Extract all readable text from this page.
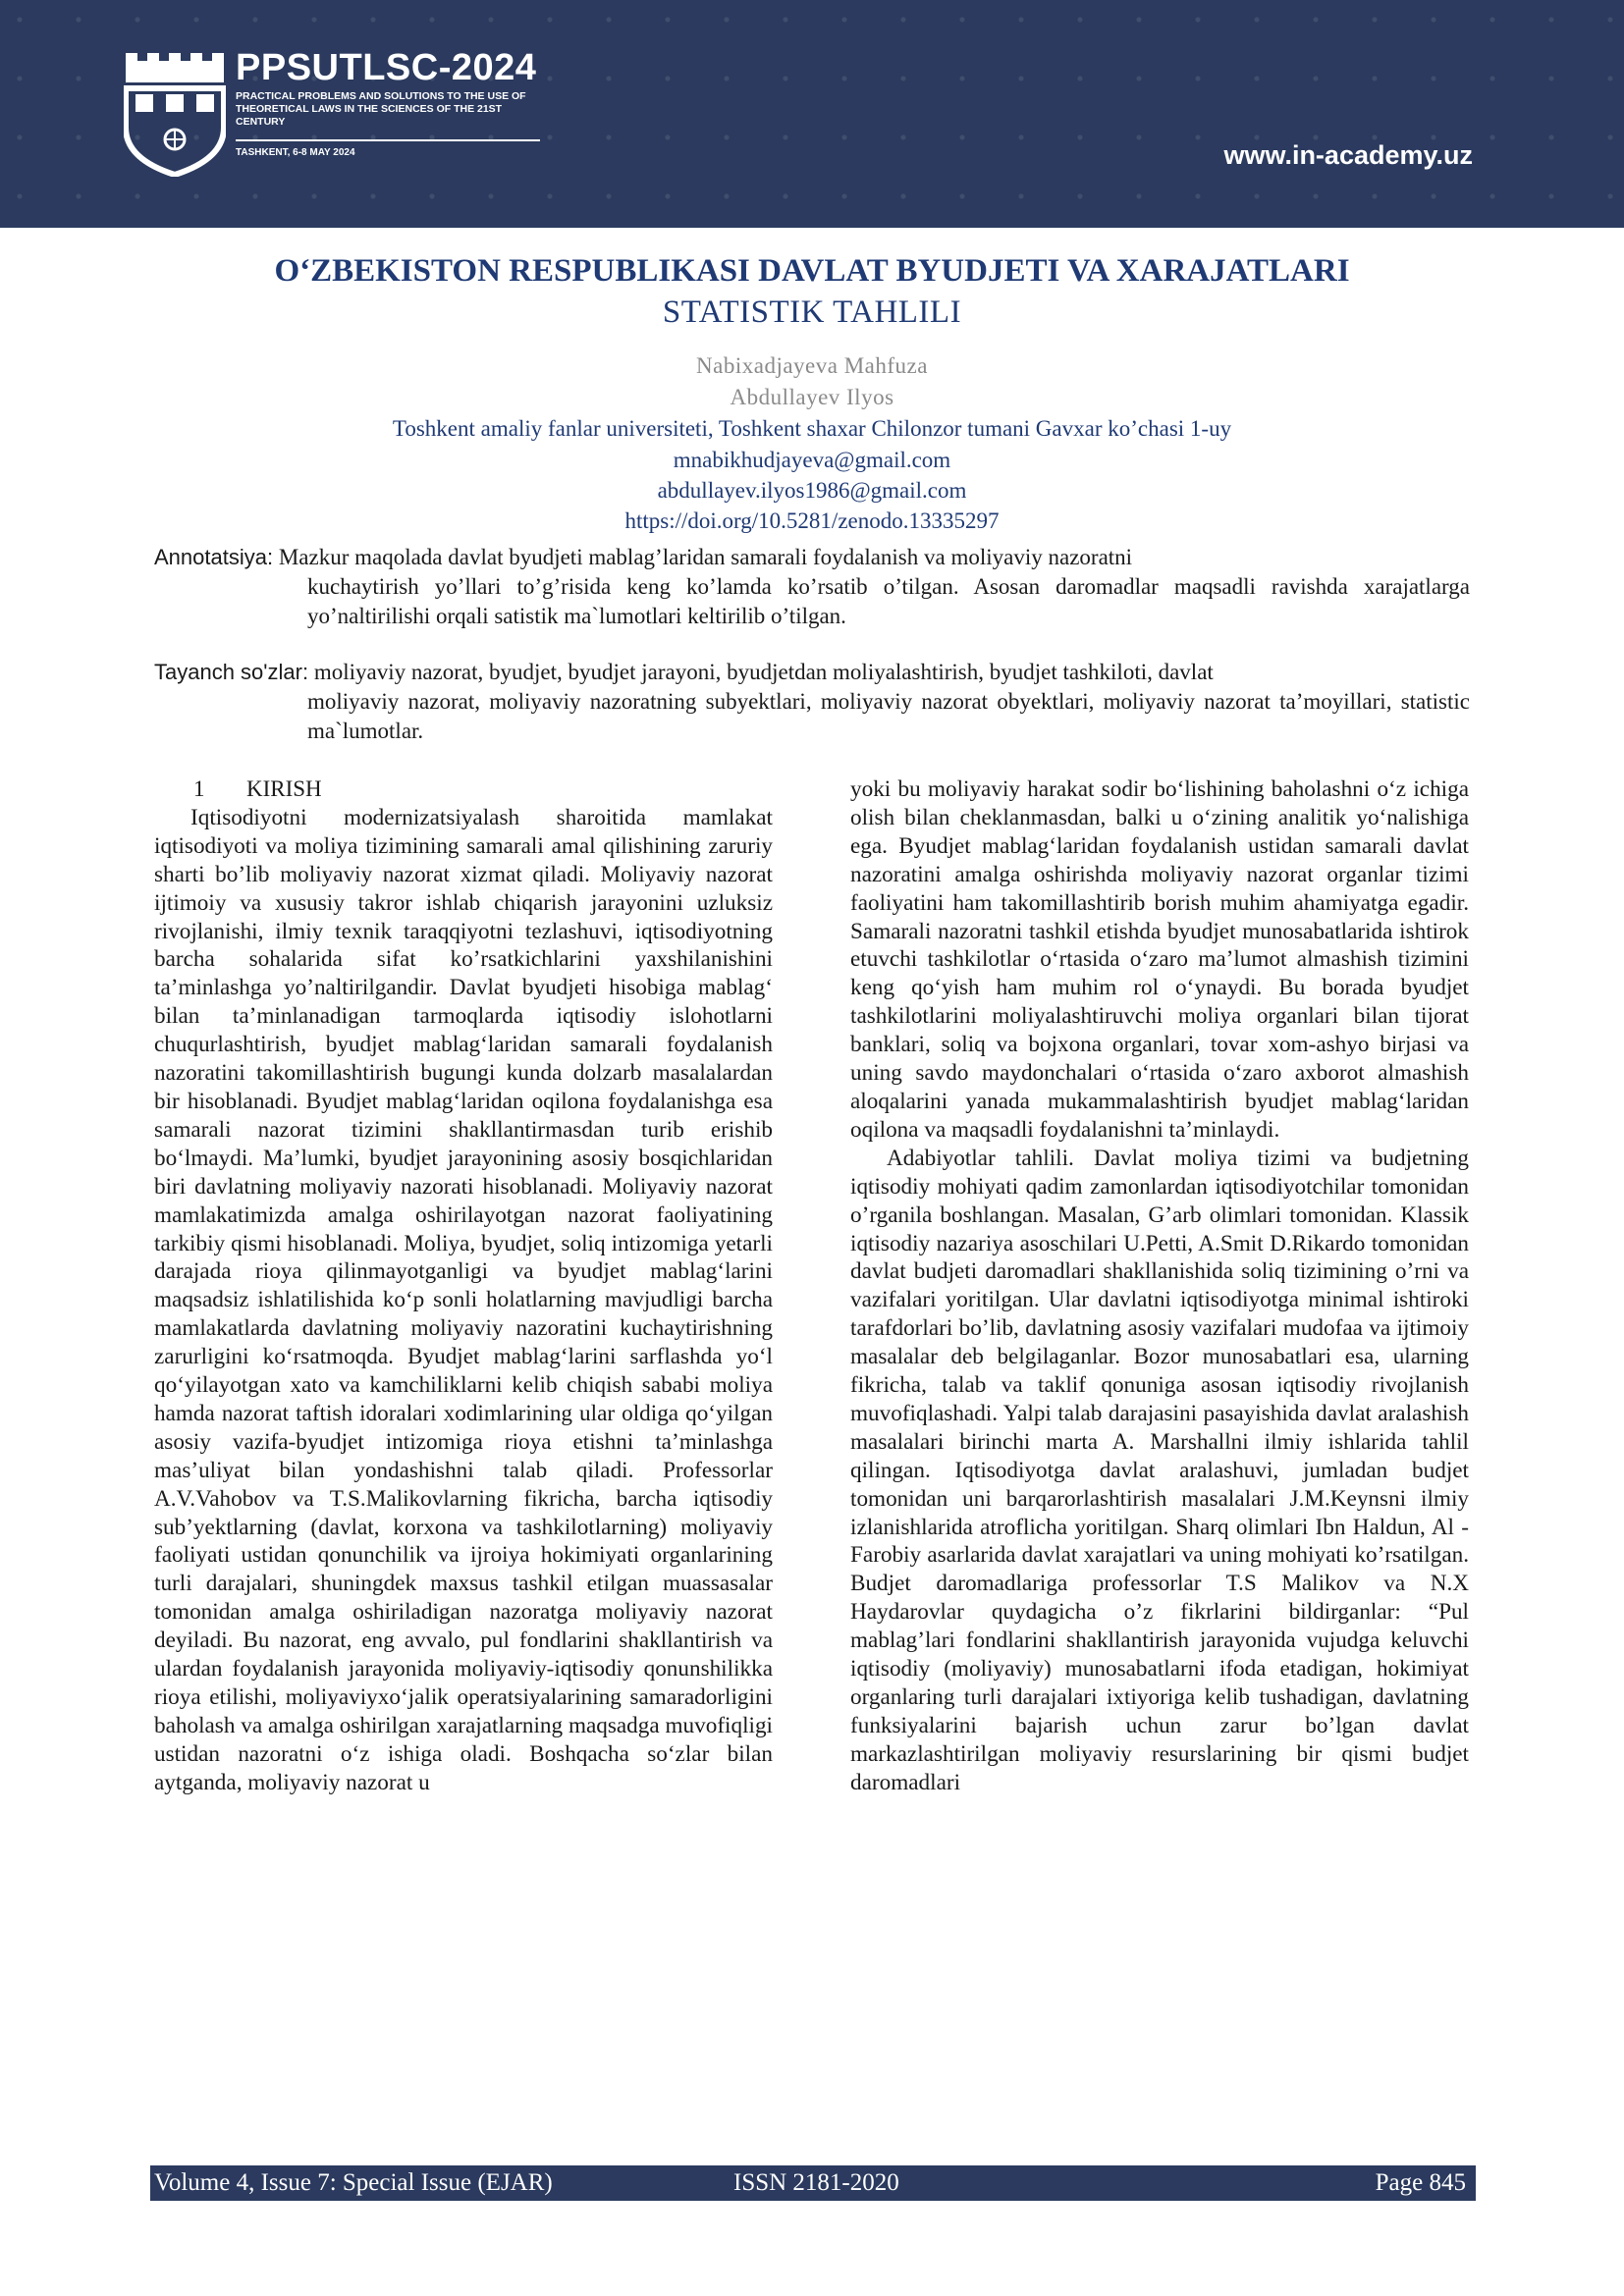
PPSUTLSC-2024
PRACTICAL PROBLEMS AND SOLUTIONS TO THE USE OF THEORETICAL LAWS IN THE SCIENCES OF THE 21ST CENTURY
TASHKENT, 6-8 MAY 2024	www.in-academy.uz
O‘ZBEKISTON RESPUBLIKASI DAVLAT BYUDJETI VA XARAJATLARI
STATISTIK TAHLILI
Nabixadjayeva Mahfuza
Abdullayev Ilyos
Toshkent amaliy fanlar universiteti, Toshkent shaxar Chilonzor tumani Gavxar ko’chasi 1-uy
mnabikhudjayeva@gmail.com
abdullayev.ilyos1986@gmail.com
https://doi.org/10.5281/zenodo.13335297
Annotatsiya: Mazkur maqolada davlat byudjeti mablag’laridan samarali foydalanish va moliyaviy nazoratni
kuchaytirish yo’llari to’g’risida keng ko’lamda ko’rsatib o’tilgan. Asosan daromadlar maqsadli ravishda xarajatlarga yo’naltirilishi orqali satistik ma`lumotlari keltirilib o’tilgan.
Tayanch so'zlar: moliyaviy nazorat, byudjet, byudjet jarayoni, byudjetdan moliyalashtirish, byudjet tashkiloti, davlat
moliyaviy nazorat, moliyaviy nazoratning subyektlari, moliyaviy nazorat obyektlari, moliyaviy nazorat ta’moyillari, statistic ma`lumotlar.

1 KIRISH

Iqtisodiyotni modernizatsiyalash sharoitida mamlakat iqtisodiyoti va moliya tizimining samarali amal qilishining zaruriy sharti bo’lib moliyaviy nazorat xizmat qiladi. Moliyaviy nazorat ijtimoiy va xususiy takror ishlab chiqarish jarayonini uzluksiz rivojlanishi, ilmiy texnik taraqqiyotni tezlashuvi, iqtisodiyotning barcha sohalarida sifat ko’rsatkichlarini yaxshilanishini ta’minlashga yo’naltirilgandir. Davlat byudjeti hisobiga mablag‘ bilan ta’minlanadigan tarmoqlarda iqtisodiy islohotlarni chuqurlashtirish, byudjet mablag‘laridan samarali foydalanish nazoratini takomillashtirish bugungi kunda dolzarb masalalardan bir hisoblanadi. Byudjet mablag‘laridan oqilona foydalanishga esa samarali nazorat tizimini shakllantirmasdan turib erishib bo‘lmaydi. Ma’lumki, byudjet jarayonining asosiy bosqichlaridan biri davlatning moliyaviy nazorati hisoblanadi. Moliyaviy nazorat mamlakatimizda amalga oshirilayotgan nazorat faoliyatining tarkibiy qismi hisoblanadi. Moliya, byudjet, soliq intizomiga yetarli darajada rioya qilinmayotganligi va byudjet mablag‘larini maqsadsiz ishlatilishida ko‘p sonli holatlarning mavjudligi barcha mamlakatlarda davlatning moliyaviy nazoratini kuchaytirishning zarurligini ko‘rsatmoqda. Byudjet mablag‘larini sarflashda yo‘l qo‘yilayotgan xato va kamchiliklarni kelib chiqish sababi moliya hamda nazorat taftish idoralari xodimlarining ular oldiga qo‘yilgan asosiy vazifa-byudjet intizomiga rioya etishni ta’minlashga mas’uliyat bilan yondashishni talab qiladi. Professorlar A.V.Vahobov va T.S.Malikovlarning fikricha, barcha iqtisodiy sub’yektlarning (davlat, korxona va tashkilotlarning) moliyaviy faoliyati ustidan qonunchilik va ijroiya hokimiyati organlarining turli darajalari, shuningdek maxsus tashkil etilgan muassasalar tomonidan amalga oshiriladigan nazoratga moliyaviy nazorat deyiladi. Bu nazorat, eng avvalo, pul fondlarini shakllantirish va ulardan foydalanish jarayonida moliyaviy-iqtisodiy qonunshilikka rioya etilishi, moliyaviyxo‘jalik operatsiyalarining samaradorligini baholash va amalga oshirilgan xarajatlarning maqsadga muvofiqligi ustidan nazoratni o‘z ishiga oladi. Boshqacha so‘zlar bilan aytganda, moliyaviy nazorat u

yoki bu moliyaviy harakat sodir bo‘lishining baholashni o‘z ichiga olish bilan cheklanmasdan, balki u o‘zining analitik yo‘nalishiga ega. Byudjet mablag‘laridan foydalanish ustidan samarali davlat nazoratini amalga oshirishda moliyaviy nazorat organlar tizimi faoliyatini ham takomillashtirib borish muhim ahamiyatga egadir. Samarali nazoratni tashkil etishda byudjet munosabatlarida ishtirok etuvchi tashkilotlar o‘rtasida o‘zaro ma’lumot almashish tizimini keng qo‘yish ham muhim rol o‘ynaydi. Bu borada byudjet tashkilotlarini moliyalashtiruvchi moliya organlari bilan tijorat banklari, soliq va bojxona organlari, tovar xom-ashyo birjasi va uning savdo maydonchalari o‘rtasida o‘zaro axborot almashish aloqalarini yanada mukammalashtirish byudjet mablag‘laridan oqilona va maqsadli foydalanishni ta’minlaydi.

Adabiyotlar tahlili. Davlat moliya tizimi va budjetning iqtisodiy mohiyati qadim zamonlardan iqtisodiyotchilar tomonidan o’rganila boshlangan. Masalan, G’arb olimlari tomonidan. Klassik iqtisodiy nazariya asoschilari U.Petti, A.Smit D.Rikardo tomonidan davlat budjeti daromadlari shakllanishida soliq tizimining o’rni va vazifalari yoritilgan. Ular davlatni iqtisodiyotga minimal ishtiroki tarafdorlari bo’lib, davlatning asosiy vazifalari mudofaa va ijtimoiy masalalar deb belgilaganlar. Bozor munosabatlari esa, ularning fikricha, talab va taklif qonuniga asosan iqtisodiy rivojlanish muvofiqlashadi. Yalpi talab darajasini pasayishida davlat aralashish masalalari birinchi marta A. Marshallni ilmiy ishlarida tahlil qilingan. Iqtisodiyotga davlat aralashuvi, jumladan budjet tomonidan uni barqarorlashtirish masalalari J.M.Keynsni ilmiy izlanishlarida atroflicha yoritilgan. Sharq olimlari Ibn Haldun, Al - Farobiy asarlarida davlat xarajatlari va uning mohiyati ko’rsatilgan. Budjet daromadlariga professorlar T.S Malikov va N.X Haydarovlar quydagicha o’z fikrlarini bildirganlar: “Pul mablag’lari fondlarini shakllantirish jarayonida vujudga keluvchi iqtisodiy (moliyaviy) munosabatlarni ifoda etadigan, hokimiyat organlaring turli darajalari ixtiyoriga kelib tushadigan, davlatning funksiyalarini bajarish uchun zarur bo’lgan davlat markazlashtirilgan moliyaviy resurslarining bir qismi budjet daromadlari

Volume 4, Issue 7: Special Issue (EJAR)	ISSN 2181-2020	Page 845
